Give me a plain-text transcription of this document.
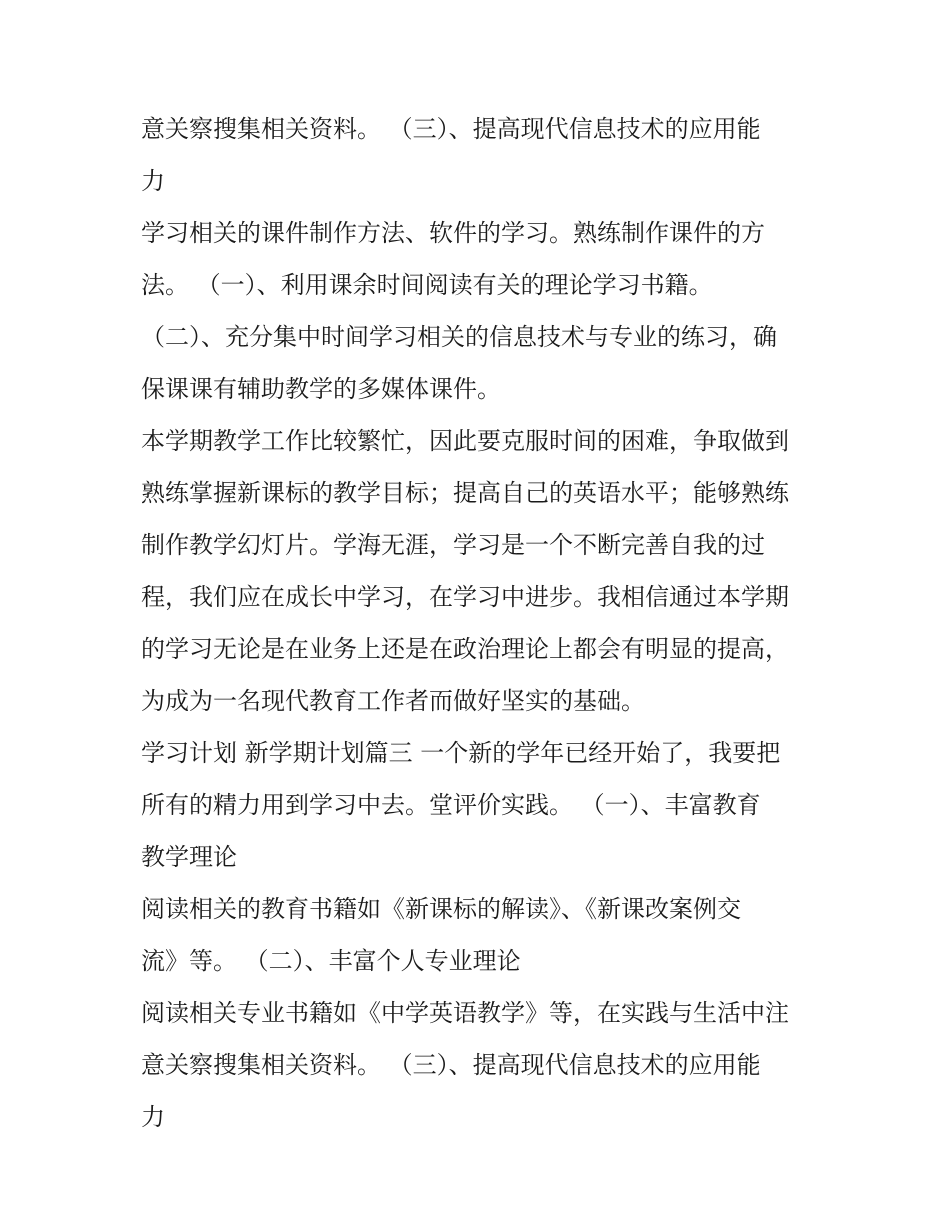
意关察搜集相关资料。 （三）、提高现代信息技术的应用能
力
学习相关的课件制作方法、软件的学习。熟练制作课件的方
法。 （一）、利用课余时间阅读有关的理论学习书籍。
（二）、充分集中时间学习相关的信息技术与专业的练习，确
保课课有辅助教学的多媒体课件。
本学期教学工作比较繁忙，因此要克服时间的困难，争取做到
熟练掌握新课标的教学目标；提高自己的英语水平；能够熟练
制作教学幻灯片。学海无涯，学习是一个不断完善自我的过
程，我们应在成长中学习，在学习中进步。我相信通过本学期
的学习无论是在业务上还是在政治理论上都会有明显的提高，
为成为一名现代教育工作者而做好坚实的基础。
学习计划 新学期计划篇三 一个新的学年已经开始了，我要把
所有的精力用到学习中去。堂评价实践。 （一）、丰富教育
教学理论
阅读相关的教育书籍如《新课标的解读》、《新课改案例交
流》等。 （二）、丰富个人专业理论
阅读相关专业书籍如《中学英语教学》等，在实践与生活中注
意关察搜集相关资料。 （三）、提高现代信息技术的应用能
力
